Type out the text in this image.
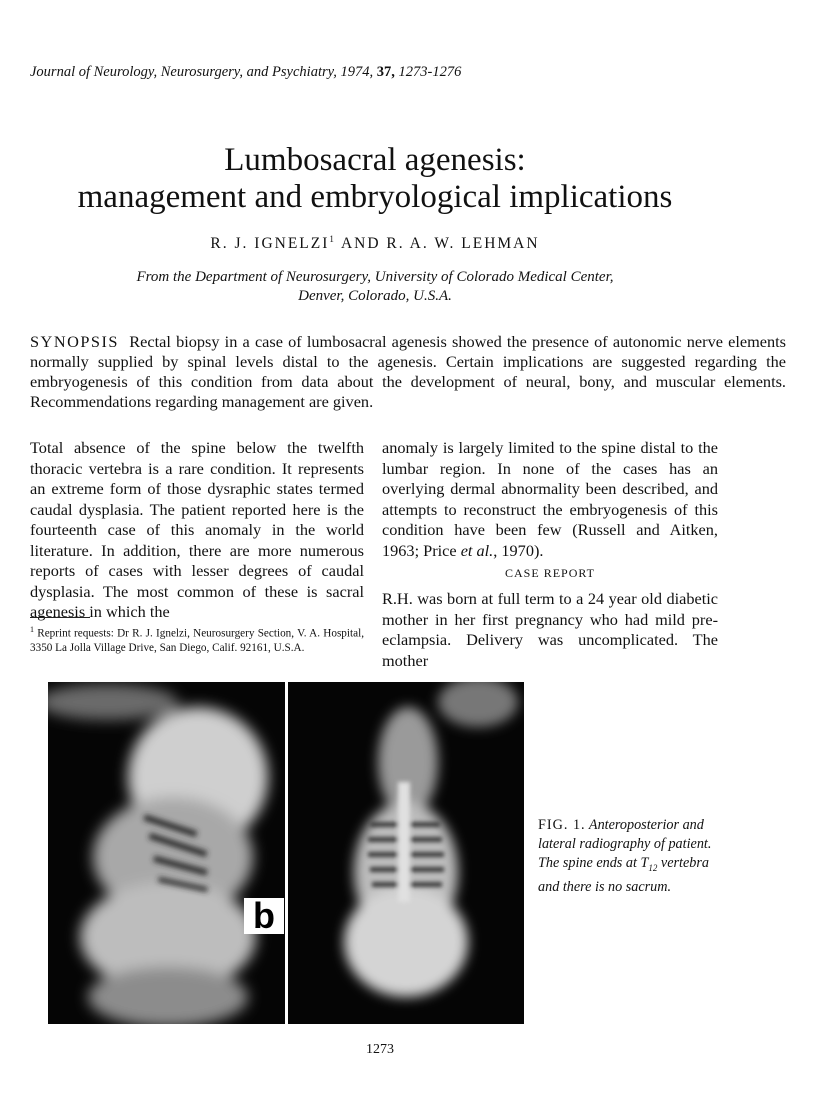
Journal of Neurology, Neurosurgery, and Psychiatry, 1974, 37, 1273-1276
Lumbosacral agenesis:
management and embryological implications
R. J. IGNELZI$^1$ AND R. A. W. LEHMAN
From the Department of Neurosurgery, University of Colorado Medical Center,
Denver, Colorado, U.S.A.
SYNOPSIS Rectal biopsy in a case of lumbosacral agenesis showed the presence of autonomic nerve elements normally supplied by spinal levels distal to the agenesis. Certain implications are suggested regarding the embryogenesis of this condition from data about the development of neural, bony, and muscular elements. Recommendations regarding management are given.
Total absence of the spine below the twelfth thoracic vertebra is a rare condition. It represents an extreme form of those dysraphic states termed caudal dysplasia. The patient reported here is the fourteenth case of this anomaly in the world literature. In addition, there are more numerous reports of cases with lesser degrees of caudal dysplasia. The most common of these is sacral agenesis in which the
$^1$ Reprint requests: Dr R. J. Ignelzi, Neurosurgery Section, V. A. Hospital, 3350 La Jolla Village Drive, San Diego, Calif. 92161, U.S.A.
anomaly is largely limited to the spine distal to the lumbar region. In none of the cases has an overlying dermal abnormality been described, and attempts to reconstruct the embryogenesis of this condition have been few (Russell and Aitken, 1963; Price et al., 1970).
CASE REPORT
R.H. was born at full term to a 24 year old diabetic mother in her first pregnancy who had mild pre-eclampsia. Delivery was uncomplicated. The mother
b
FIG. 1. Anteroposterior and lateral radiography of patient. The spine ends at $T_{12}$ vertebra and there is no sacrum.
1273
